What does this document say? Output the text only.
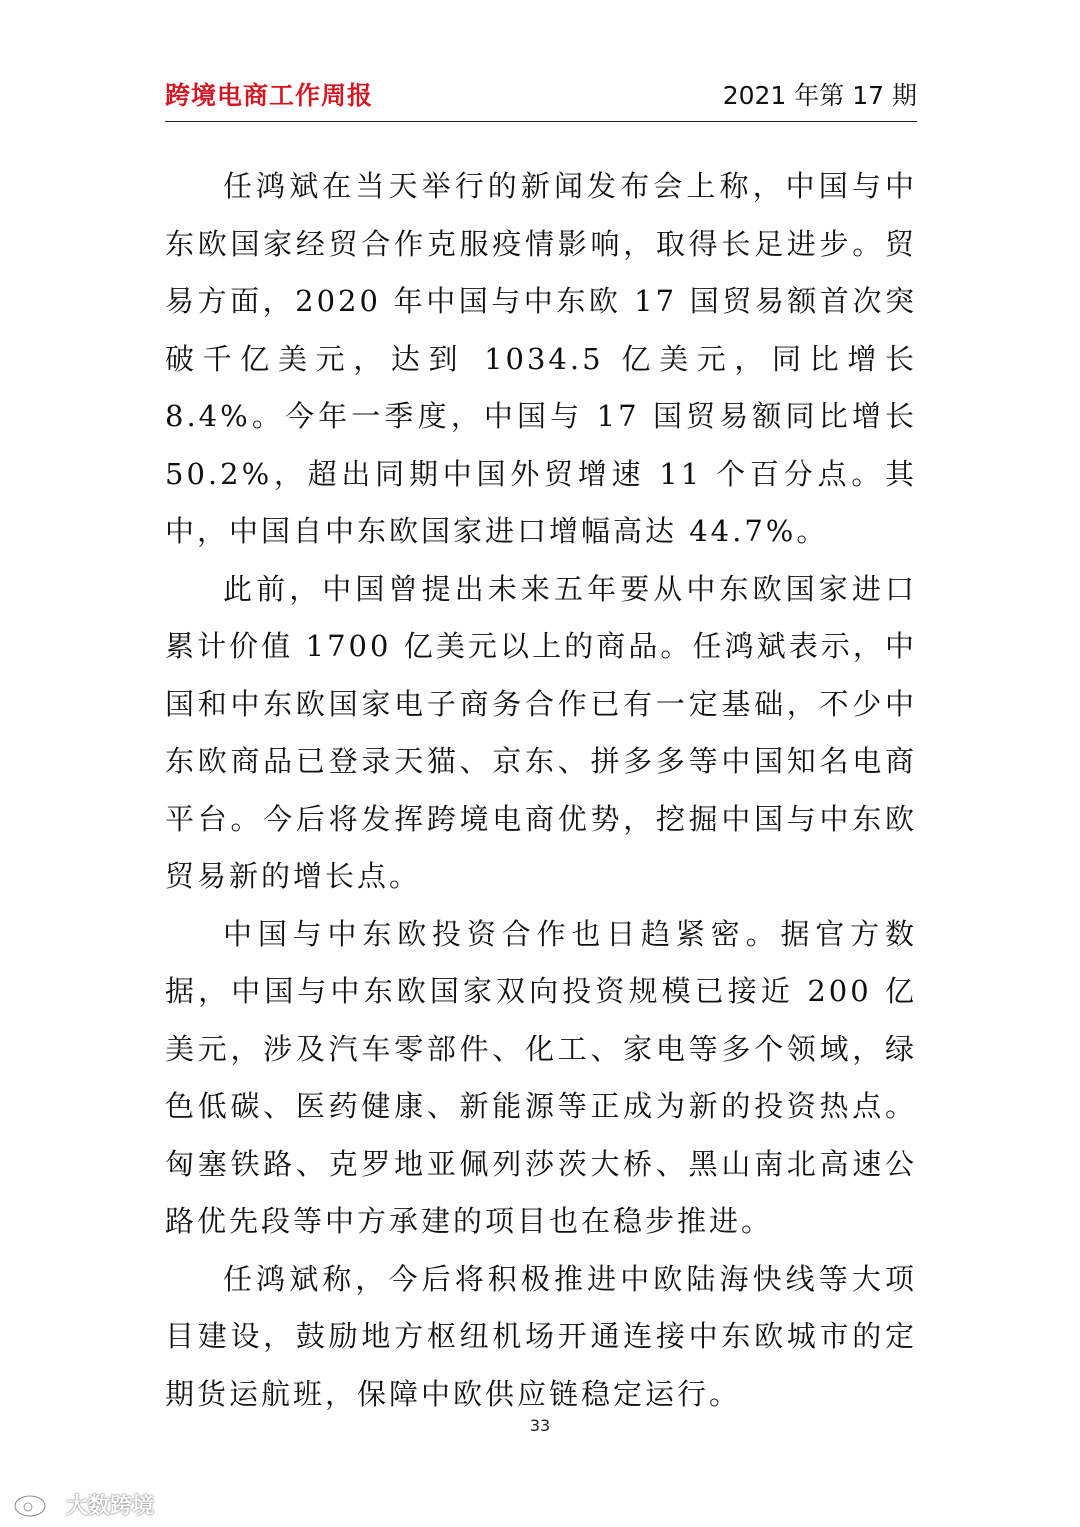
跨境电商工作周报	2021 年第 17 期

任鸿斌在当天举行的新闻发布会上称，中国与中东欧国家经贸合作克服疫情影响，取得长足进步。贸易方面，2020 年中国与中东欧 17 国贸易额首次突破千亿美元，达到 1034.5 亿美元，同比增长 8.4%。今年一季度，中国与 17 国贸易额同比增长 50.2%，超出同期中国外贸增速 11 个百分点。其中，中国自中东欧国家进口增幅高达 44.7%。

此前，中国曾提出未来五年要从中东欧国家进口累计价值 1700 亿美元以上的商品。任鸿斌表示，中国和中东欧国家电子商务合作已有一定基础，不少中东欧商品已登录天猫、京东、拼多多等中国知名电商平台。今后将发挥跨境电商优势，挖掘中国与中东欧贸易新的增长点。

中国与中东欧投资合作也日趋紧密。据官方数据，中国与中东欧国家双向投资规模已接近 200 亿美元，涉及汽车零部件、化工、家电等多个领域，绿色低碳、医药健康、新能源等正成为新的投资热点。匈塞铁路、克罗地亚佩列莎茨大桥、黑山南北高速公路优先段等中方承建的项目也在稳步推进。

任鸿斌称，今后将积极推进中欧陆海快线等大项目建设，鼓励地方枢纽机场开通连接中东欧城市的定期货运航班，保障中欧供应链稳定运行。

33
大数跨境
